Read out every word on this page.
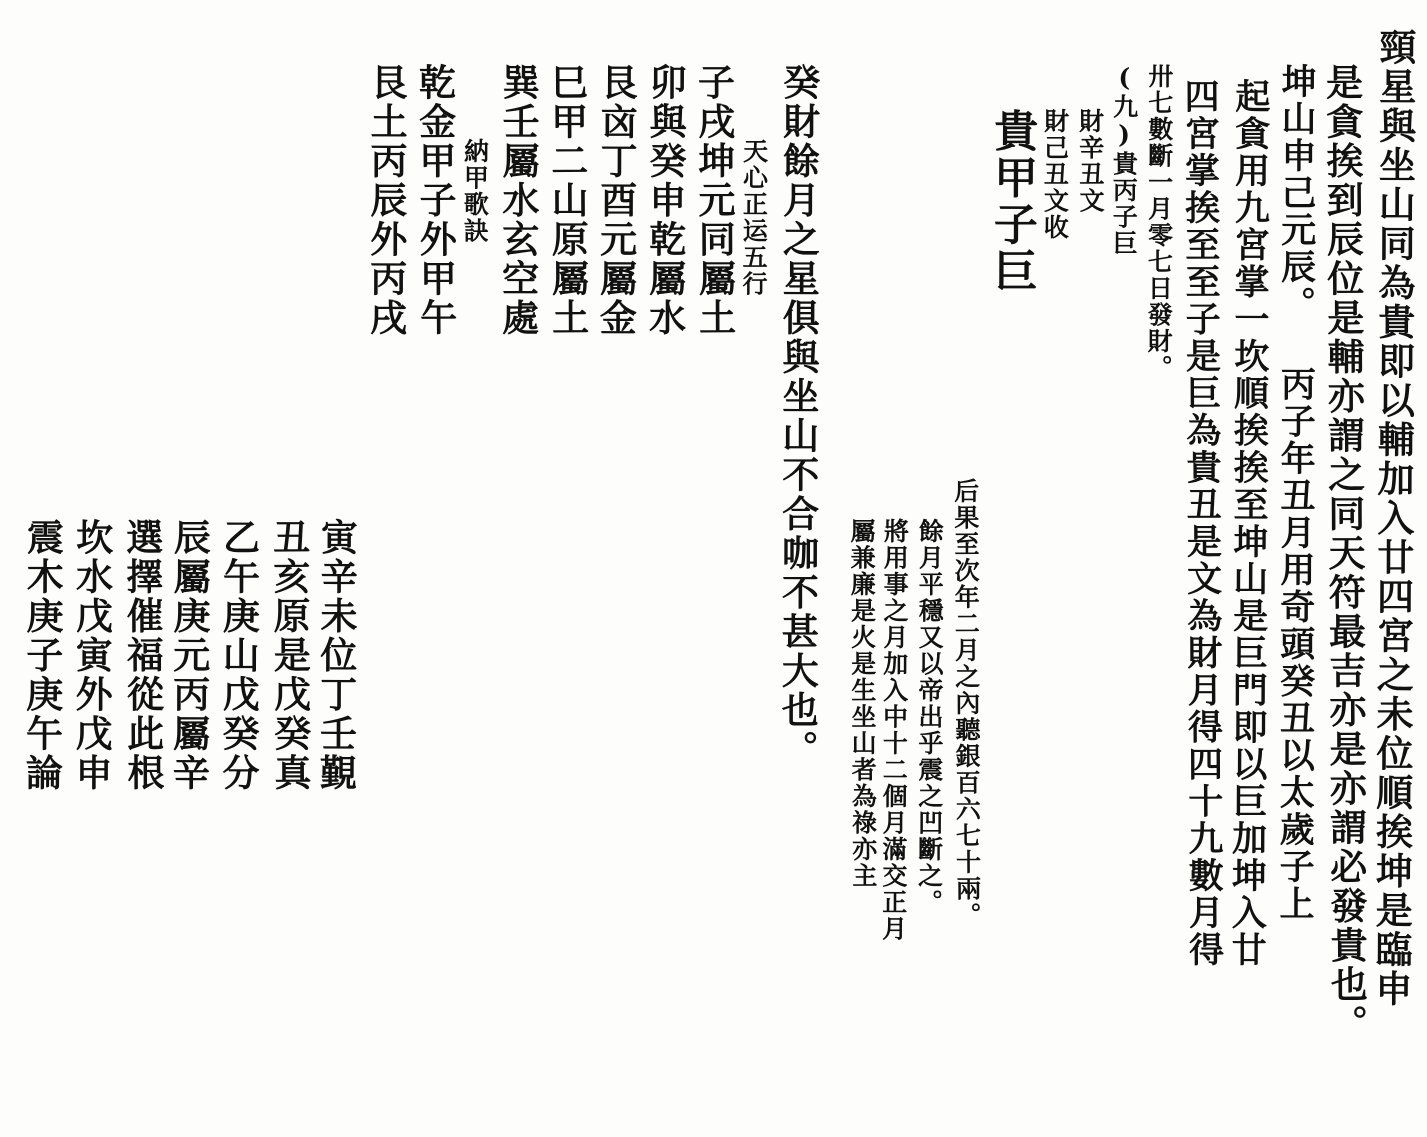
頸星與坐山同為貴即以輔加入廿四宮之未位順挨坤是臨申
是貪挨到辰位是輔亦謂之同天符最吉亦是亦謂必發貴也。
坤山申己元辰。 丙子年丑月用奇頭癸丑以太歲子上
起貪用九宮掌一坎順挨挨至坤山是巨門即以巨加坤入廿
四宮掌挨至至子是巨為貴丑是文為財月得四十九數月得
卅七數斷一月零七日發財。
(九)貴丙子巨
財辛丑文
財己丑文收
貴甲子巨
后果至次年二月之內聽銀百六七十兩。
餘月平穩又以帝出乎震之凹斷之。
將用事之月加入中十二個月滿交正月
屬兼廉是火是生坐山者為祿亦主
癸財餘月之星俱與坐山不合咖不甚大也。
天心正运五行
子戌坤元同屬土
卯與癸申乾屬水
艮㐫丁酉元屬金
巳甲二山原屬土
巽壬屬水玄空處
納甲歌訣
乾金甲子外甲午
艮土丙辰外丙戌
寅辛未位丁壬覲
丑亥原是戊癸真
乙午庚山戊癸分
辰屬庚元丙屬辛
選擇催福從此根
坎水戊寅外戊申
震木庚子庚午論
